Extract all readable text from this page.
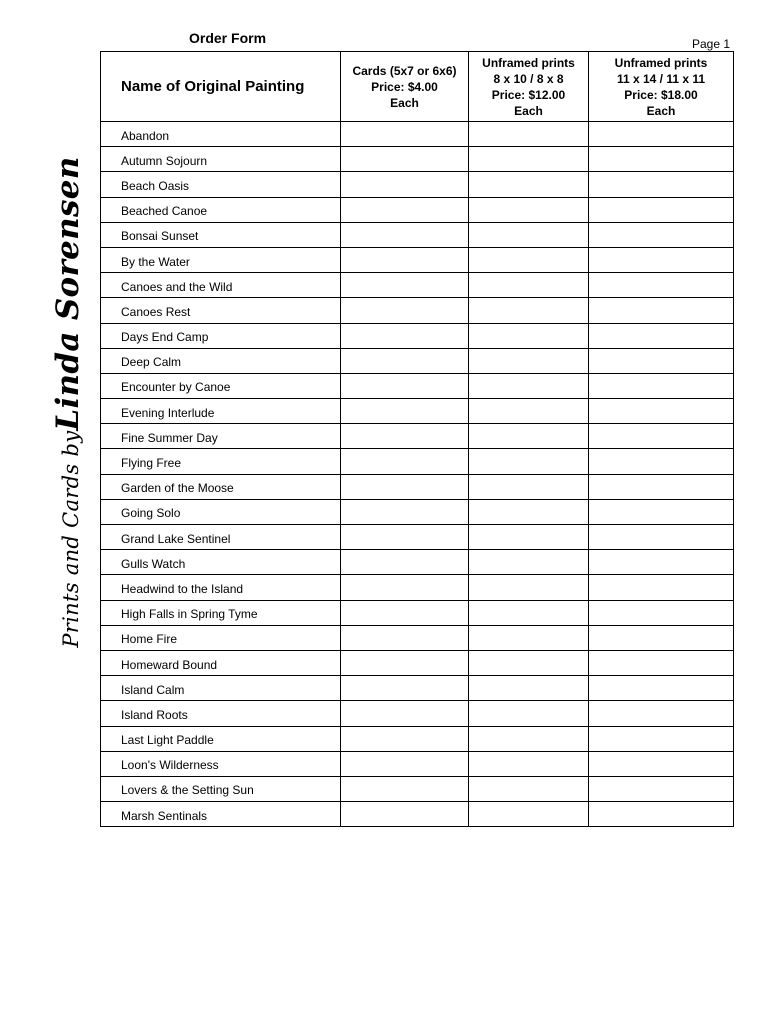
Order Form	Page 1
Prints and Cards byLinda Sorensen
Name of Original Painting	Cards (5x7 or 6x6)
Price: $4.00
Each	Unframed prints
8 x 10 / 8 x 8
Price: $12.00
Each	Unframed prints
11 x 14 / 11 x 11
Price: $18.00
Each

Abandon			
Autumn Sojourn			
Beach Oasis			
Beached Canoe			
Bonsai Sunset			
By the Water			
Canoes and the Wild			
Canoes Rest			
Days End Camp			
Deep Calm			
Encounter by Canoe			
Evening Interlude			
Fine Summer Day			
Flying Free			
Garden of the Moose			
Going Solo			
Grand Lake Sentinel			
Gulls Watch			
Headwind to the Island			
High Falls in Spring Tyme			
Home Fire			
Homeward Bound			
Island Calm			
Island Roots			
Last Light Paddle			
Loon's Wilderness			
Lovers & the Setting Sun			
Marsh Sentinals			
